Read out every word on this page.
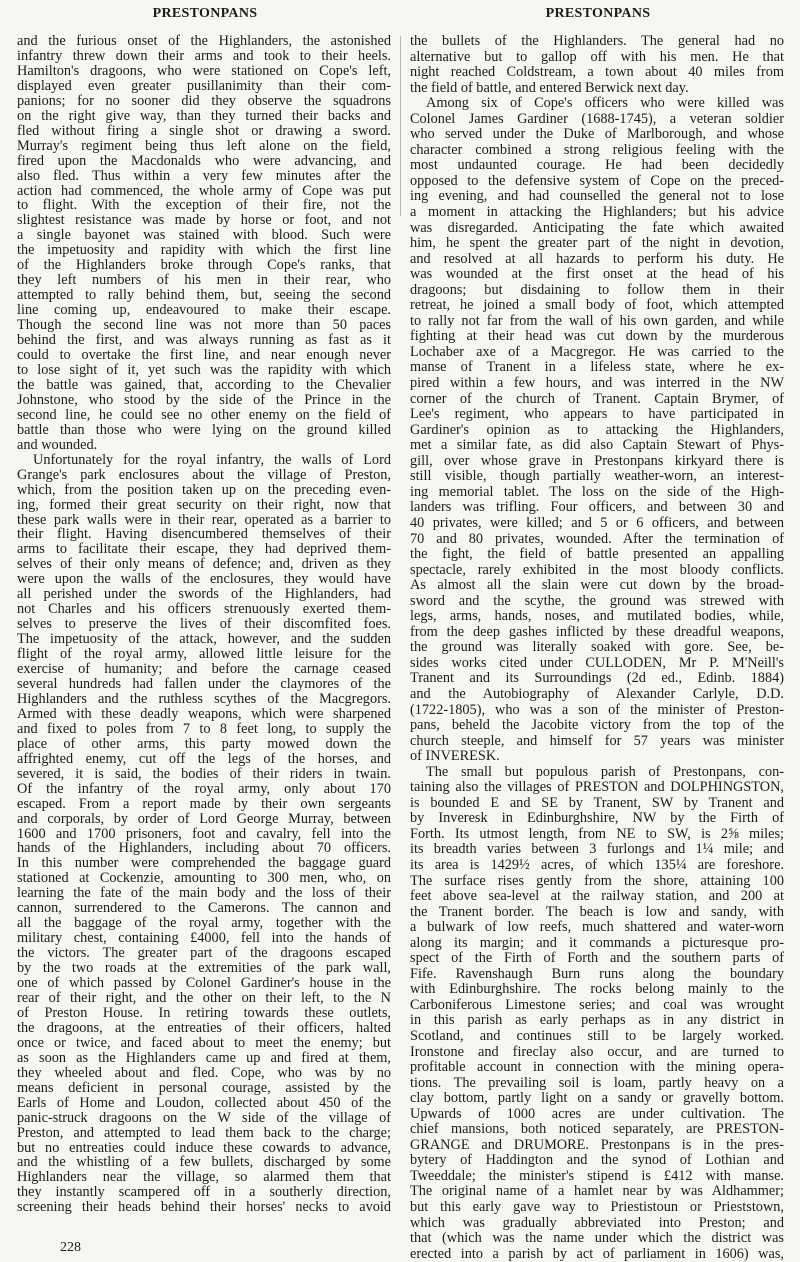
PRESTONPANS	PRESTONPANS
and the furious onset of the Highlanders, the astonished
infantry threw down their arms and took to their heels.
Hamilton's dragoons, who were stationed on Cope's left,
displayed even greater pusillanimity than their com-
panions; for no sooner did they observe the squadrons
on the right give way, than they turned their backs and
fled without firing a single shot or drawing a sword.
Murray's regiment being thus left alone on the field,
fired upon the Macdonalds who were advancing, and
also fled. Thus within a very few minutes after the
action had commenced, the whole army of Cope was put
to flight. With the exception of their fire, not the
slightest resistance was made by horse or foot, and not
a single bayonet was stained with blood. Such were
the impetuosity and rapidity with which the first line
of the Highlanders broke through Cope's ranks, that
they left numbers of his men in their rear, who
attempted to rally behind them, but, seeing the second
line coming up, endeavoured to make their escape.
Though the second line was not more than 50 paces
behind the first, and was always running as fast as it
could to overtake the first line, and near enough never
to lose sight of it, yet such was the rapidity with which
the battle was gained, that, according to the Chevalier
Johnstone, who stood by the side of the Prince in the
second line, he could see no other enemy on the field of
battle than those who were lying on the ground killed
and wounded.
Unfortunately for the royal infantry, the walls of Lord
Grange's park enclosures about the village of Preston,
which, from the position taken up on the preceding even-
ing, formed their great security on their right, now that
these park walls were in their rear, operated as a barrier to
their flight. Having disencumbered themselves of their
arms to facilitate their escape, they had deprived them-
selves of their only means of defence; and, driven as they
were upon the walls of the enclosures, they would have
all perished under the swords of the Highlanders, had
not Charles and his officers strenuously exerted them-
selves to preserve the lives of their discomfited foes.
The impetuosity of the attack, however, and the sudden
flight of the royal army, allowed little leisure for the
exercise of humanity; and before the carnage ceased
several hundreds had fallen under the claymores of the
Highlanders and the ruthless scythes of the Macgregors.
Armed with these deadly weapons, which were sharpened
and fixed to poles from 7 to 8 feet long, to supply the
place of other arms, this party mowed down the
affrighted enemy, cut off the legs of the horses, and
severed, it is said, the bodies of their riders in twain.
Of the infantry of the royal army, only about 170
escaped. From a report made by their own sergeants
and corporals, by order of Lord George Murray, between
1600 and 1700 prisoners, foot and cavalry, fell into the
hands of the Highlanders, including about 70 officers.
In this number were comprehended the baggage guard
stationed at Cockenzie, amounting to 300 men, who, on
learning the fate of the main body and the loss of their
cannon, surrendered to the Camerons. The cannon and
all the baggage of the royal army, together with the
military chest, containing £4000, fell into the hands of
the victors. The greater part of the dragoons escaped
by the two roads at the extremities of the park wall,
one of which passed by Colonel Gardiner's house in the
rear of their right, and the other on their left, to the N
of Preston House. In retiring towards these outlets,
the dragoons, at the entreaties of their officers, halted
once or twice, and faced about to meet the enemy; but
as soon as the Highlanders came up and fired at them,
they wheeled about and fled. Cope, who was by no
means deficient in personal courage, assisted by the
Earls of Home and Loudon, collected about 450 of the
panic-struck dragoons on the W side of the village of
Preston, and attempted to lead them back to the charge;
but no entreaties could induce these cowards to advance,
and the whistling of a few bullets, discharged by some
Highlanders near the village, so alarmed them that
they instantly scampered off in a southerly direction,
screening their heads behind their horses' necks to avoid
the bullets of the Highlanders. The general had no
alternative but to gallop off with his men. He that
night reached Coldstream, a town about 40 miles from
the field of battle, and entered Berwick next day.
Among six of Cope's officers who were killed was
Colonel James Gardiner (1688-1745), a veteran soldier
who served under the Duke of Marlborough, and whose
character combined a strong religious feeling with the
most undaunted courage. He had been decidedly
opposed to the defensive system of Cope on the preced-
ing evening, and had counselled the general not to lose
a moment in attacking the Highlanders; but his advice
was disregarded. Anticipating the fate which awaited
him, he spent the greater part of the night in devotion,
and resolved at all hazards to perform his duty. He
was wounded at the first onset at the head of his
dragoons; but disdaining to follow them in their
retreat, he joined a small body of foot, which attempted
to rally not far from the wall of his own garden, and while
fighting at their head was cut down by the murderous
Lochaber axe of a Macgregor. He was carried to the
manse of Tranent in a lifeless state, where he ex-
pired within a few hours, and was interred in the NW
corner of the church of Tranent. Captain Brymer, of
Lee's regiment, who appears to have participated in
Gardiner's opinion as to attacking the Highlanders,
met a similar fate, as did also Captain Stewart of Phys-
gill, over whose grave in Prestonpans kirkyard there is
still visible, though partially weather-worn, an interest-
ing memorial tablet. The loss on the side of the High-
landers was trifling. Four officers, and between 30 and
40 privates, were killed; and 5 or 6 officers, and between
70 and 80 privates, wounded. After the termination of
the fight, the field of battle presented an appalling
spectacle, rarely exhibited in the most bloody conflicts.
As almost all the slain were cut down by the broad-
sword and the scythe, the ground was strewed with
legs, arms, hands, noses, and mutilated bodies, while,
from the deep gashes inflicted by these dreadful weapons,
the ground was literally soaked with gore. See, be-
sides works cited under CULLODEN, Mr P. M'Neill's
Tranent and its Surroundings (2d ed., Edinb. 1884)
and the Autobiography of Alexander Carlyle, D.D.
(1722-1805), who was a son of the minister of Preston-
pans, beheld the Jacobite victory from the top of the
church steeple, and himself for 57 years was minister
of INVERESK.
The small but populous parish of Prestonpans, con-
taining also the villages of PRESTON and DOLPHINGSTON,
is bounded E and SE by Tranent, SW by Tranent and
by Inveresk in Edinburghshire, NW by the Firth of
Forth. Its utmost length, from NE to SW, is 2⅝ miles;
its breadth varies between 3 furlongs and 1¼ mile; and
its area is 1429½ acres, of which 135¼ are foreshore.
The surface rises gently from the shore, attaining 100
feet above sea-level at the railway station, and 200 at
the Tranent border. The beach is low and sandy, with
a bulwark of low reefs, much shattered and water-worn
along its margin; and it commands a picturesque pro-
spect of the Firth of Forth and the southern parts of
Fife. Ravenshaugh Burn runs along the boundary
with Edinburghshire. The rocks belong mainly to the
Carboniferous Limestone series; and coal was wrought
in this parish as early perhaps as in any district in
Scotland, and continues still to be largely worked.
Ironstone and fireclay also occur, and are turned to
profitable account in connection with the mining opera-
tions. The prevailing soil is loam, partly heavy on a
clay bottom, partly light on a sandy or gravelly bottom.
Upwards of 1000 acres are under cultivation. The
chief mansions, both noticed separately, are PRESTON-
GRANGE and DRUMORE. Prestonpans is in the pres-
bytery of Haddington and the synod of Lothian and
Tweeddale; the minister's stipend is £412 with manse.
The original name of a hamlet near by was Aldhammer;
but this early gave way to Priestistoun or Prieststown,
which was gradually abbreviated into Preston; and
that (which was the name under which the district was
erected into a parish by act of parliament in 1606) was,
228
